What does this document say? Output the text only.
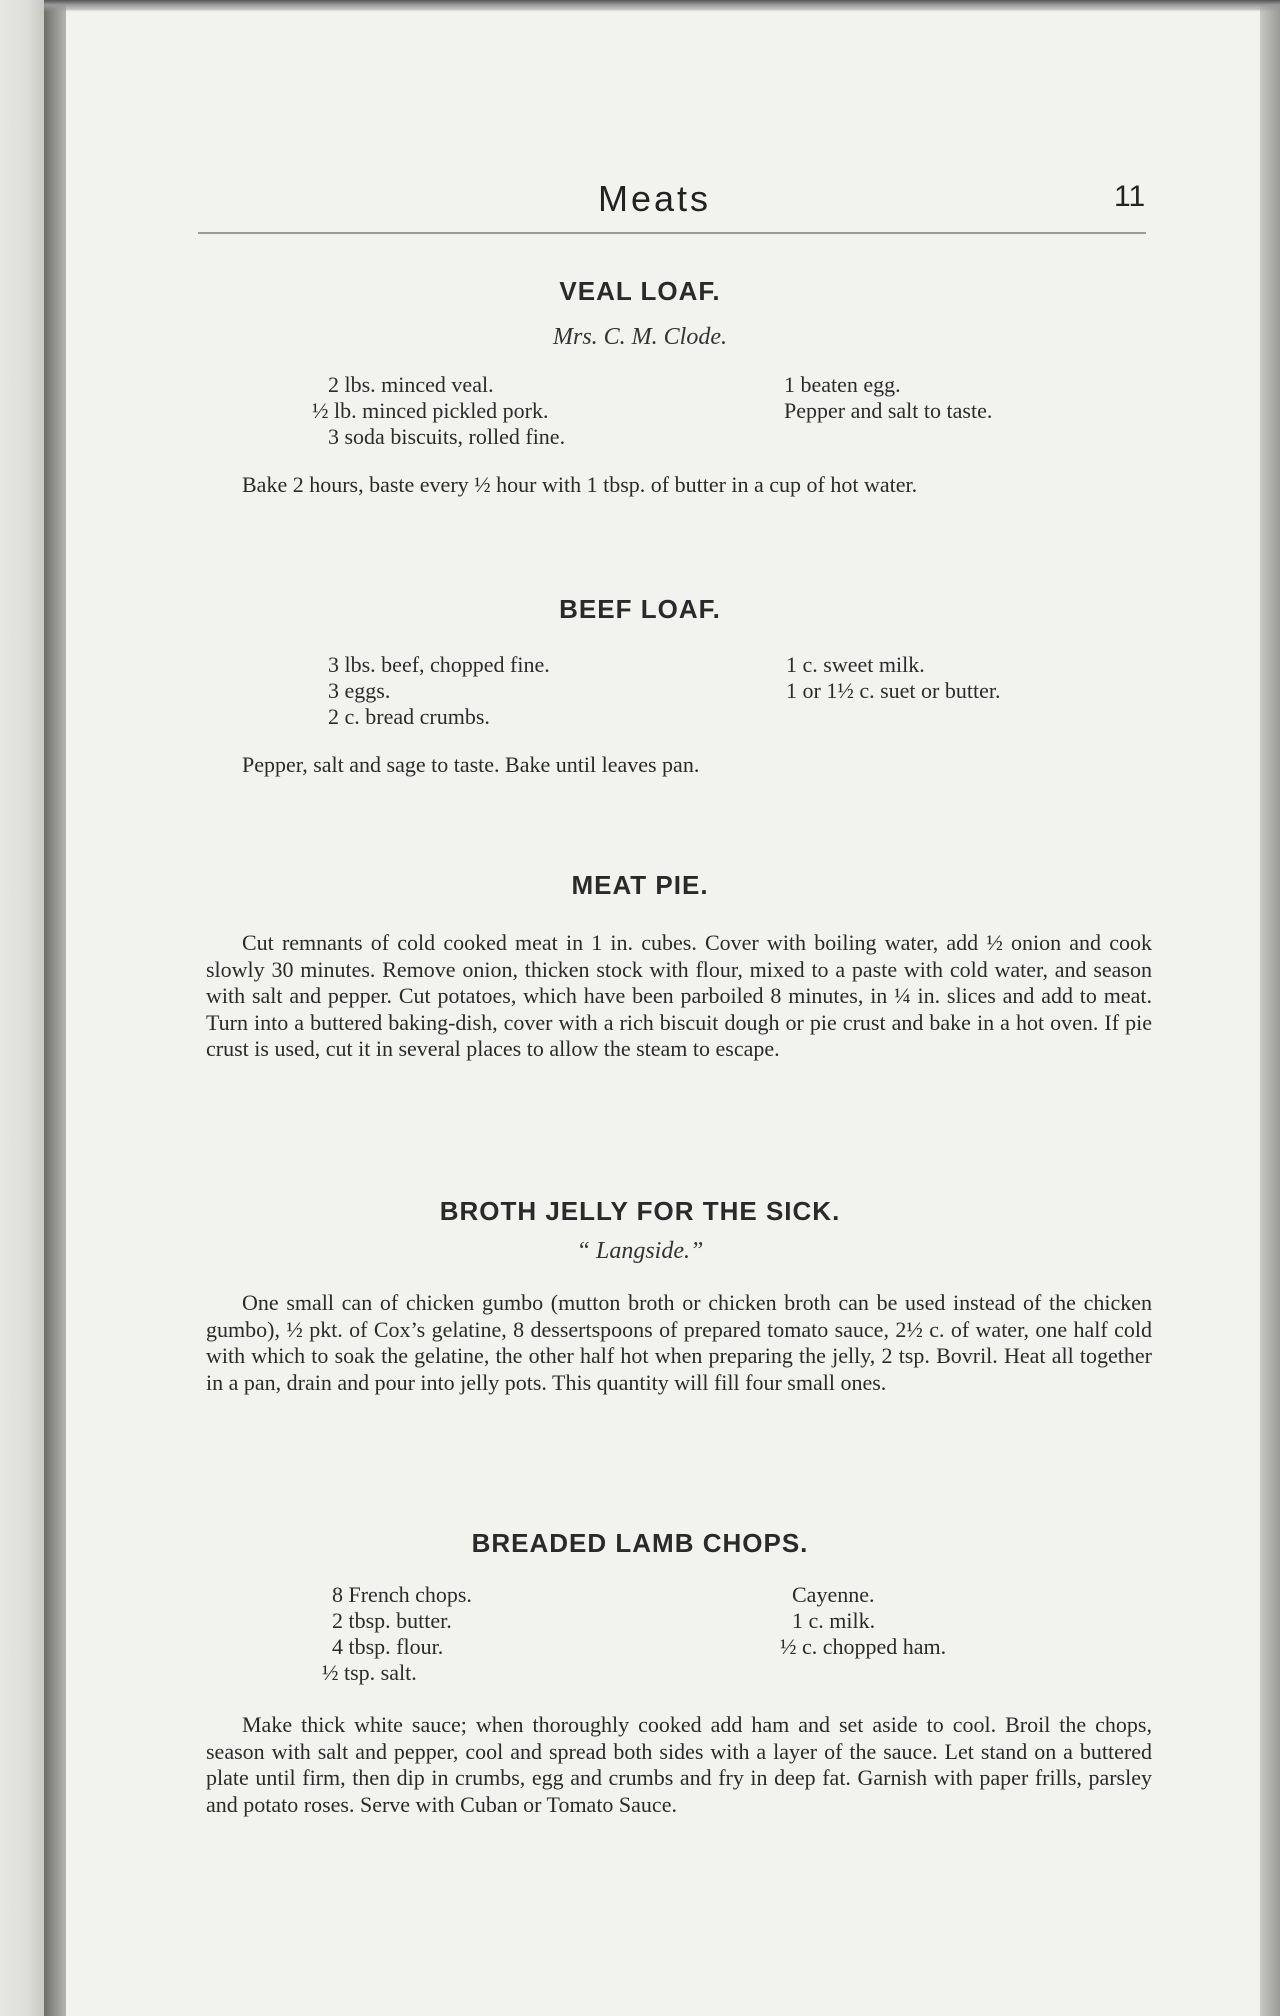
Meats	11
VEAL LOAF.
Mrs. C. M. Clode.
2 lbs. minced veal.
½ lb. minced pickled pork.
3 soda biscuits, rolled fine.
1 beaten egg.
Pepper and salt to taste.

Bake 2 hours, baste every ½ hour with 1 tbsp. of butter in a cup of hot water.

BEEF LOAF.
3 lbs. beef, chopped fine.
3 eggs.
2 c. bread crumbs.
1 c. sweet milk.
1 or 1½ c. suet or butter.

Pepper, salt and sage to taste. Bake until leaves pan.

MEAT PIE.

Cut remnants of cold cooked meat in 1 in. cubes. Cover with boiling water, add ½ onion and cook slowly 30 minutes. Remove onion, thicken stock with flour, mixed to a paste with cold water, and season with salt and pepper. Cut potatoes, which have been parboiled 8 minutes, in ¼ in. slices and add to meat. Turn into a buttered baking-dish, cover with a rich biscuit dough or pie crust and bake in a hot oven. If pie crust is used, cut it in several places to allow the steam to escape.

BROTH JELLY FOR THE SICK.
“ Langside.”

One small can of chicken gumbo (mutton broth or chicken broth can be used instead of the chicken gumbo), ½ pkt. of Cox’s gelatine, 8 dessertspoons of prepared tomato sauce, 2½ c. of water, one half cold with which to soak the gelatine, the other half hot when preparing the jelly, 2 tsp. Bovril. Heat all together in a pan, drain and pour into jelly pots. This quantity will fill four small ones.

BREADED LAMB CHOPS.
8 French chops.
2 tbsp. butter.
4 tbsp. flour.
½ tsp. salt.
Cayenne.
1 c. milk.
½ c. chopped ham.

Make thick white sauce; when thoroughly cooked add ham and set aside to cool. Broil the chops, season with salt and pepper, cool and spread both sides with a layer of the sauce. Let stand on a buttered plate until firm, then dip in crumbs, egg and crumbs and fry in deep fat. Garnish with paper frills, parsley and potato roses. Serve with Cuban or Tomato Sauce.
